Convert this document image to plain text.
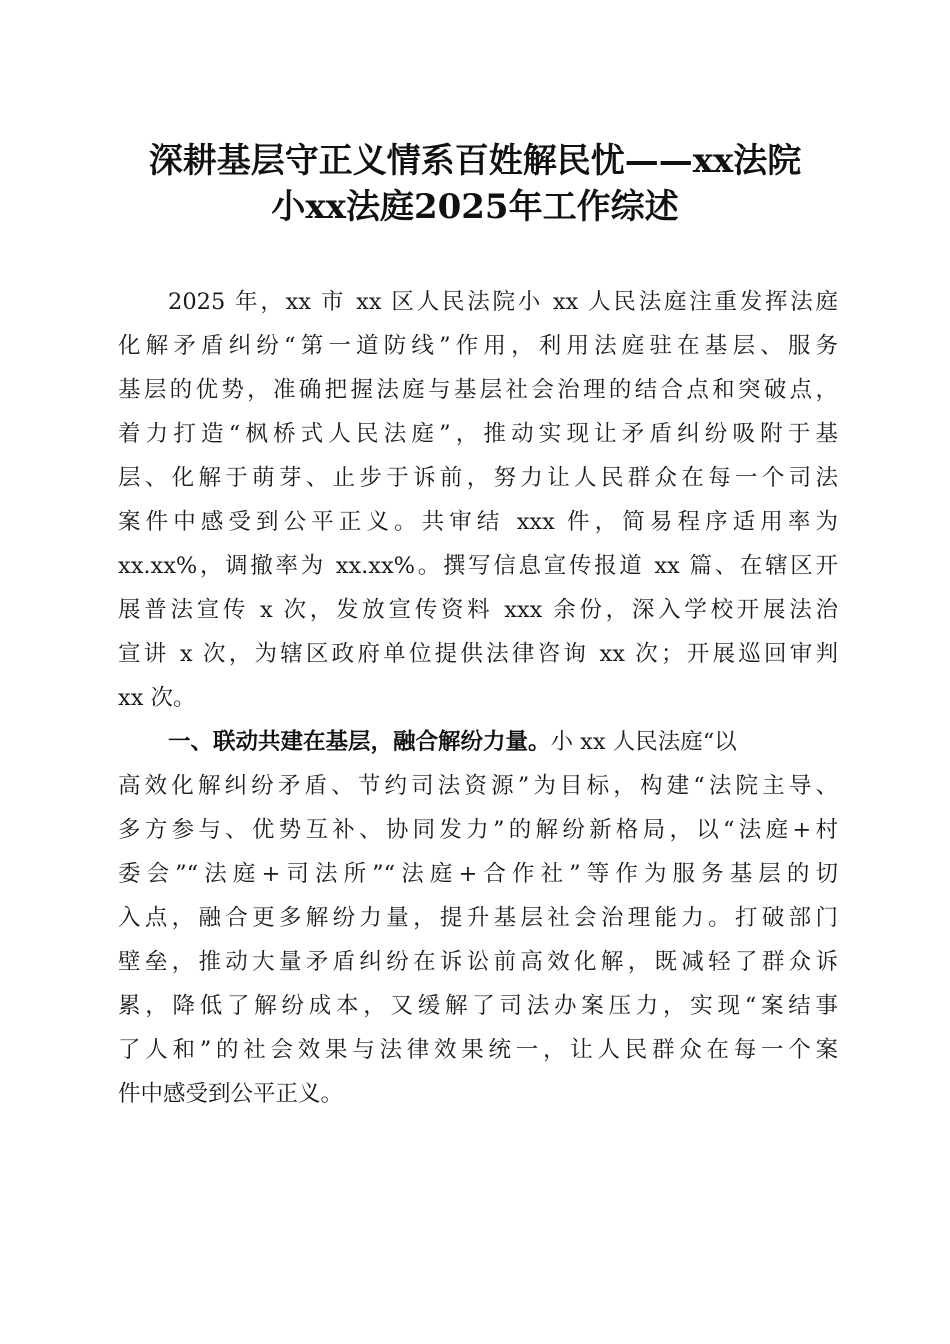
深耕基层守正义情系百姓解民忧——xx法院
小xx法庭2025年工作综述
2025 年，xx 市 xx 区人民法院小 xx 人民法庭注重发挥法庭
化解矛盾纠纷“第一道防线”作用，利用法庭驻在基层、服务
基层的优势，准确把握法庭与基层社会治理的结合点和突破点，
着力打造“枫桥式人民法庭”，推动实现让矛盾纠纷吸附于基
层、化解于萌芽、止步于诉前，努力让人民群众在每一个司法
案件中感受到公平正义。共审结 xxx 件，简易程序适用率为
xx.xx%，调撤率为 xx.xx%。撰写信息宣传报道 xx 篇、在辖区开
展普法宣传 x 次，发放宣传资料 xxx 余份，深入学校开展法治
宣讲 x 次，为辖区政府单位提供法律咨询 xx 次；开展巡回审判
xx 次。
一、联动共建在基层，融合解纷力量。小 xx 人民法庭“以
高效化解纠纷矛盾、节约司法资源”为目标，构建“法院主导、
多方参与、优势互补、协同发力”的解纷新格局，以“法庭+村
委会”“法庭+司法所”“法庭+合作社”等作为服务基层的切
入点，融合更多解纷力量，提升基层社会治理能力。打破部门
壁垒，推动大量矛盾纠纷在诉讼前高效化解，既减轻了群众诉
累，降低了解纷成本，又缓解了司法办案压力，实现“案结事
了人和”的社会效果与法律效果统一，让人民群众在每一个案
件中感受到公平正义。
